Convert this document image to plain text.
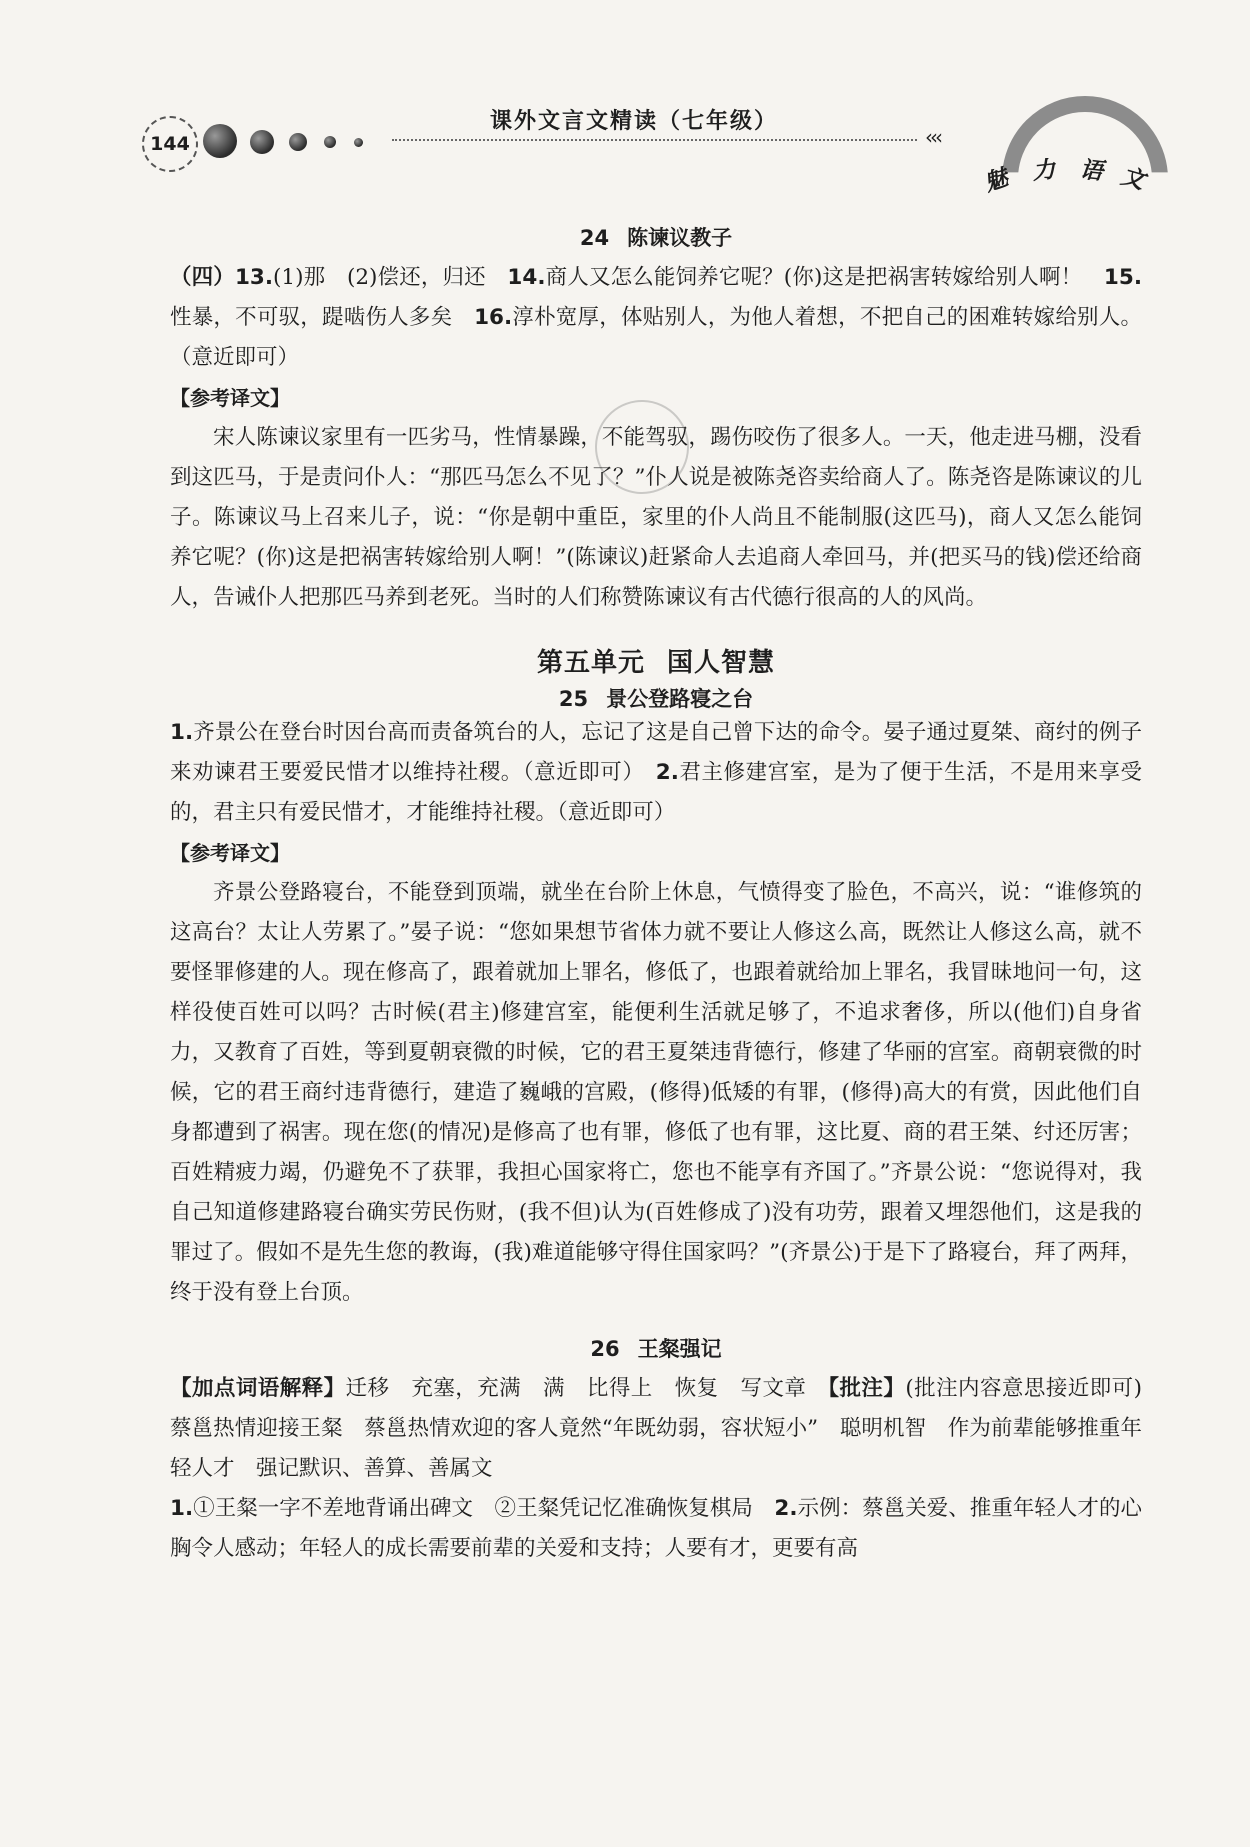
144
课外文言文精读（七年级）
‹‹‹
魅 力 语 文
24 陈谏议教子
（四）13.(1)那　(2)偿还，归还　14.商人又怎么能饲养它呢？(你)这是把祸害转嫁给别人啊！　15.性暴，不可驭，踶啮伤人多矣　16.淳朴宽厚，体贴别人，为他人着想，不把自己的困难转嫁给别人。（意近即可）
【参考译文】
宋人陈谏议家里有一匹劣马，性情暴躁，不能驾驭，踢伤咬伤了很多人。一天，他走进马棚，没看到这匹马，于是责问仆人：“那匹马怎么不见了？”仆人说是被陈尧咨卖给商人了。陈尧咨是陈谏议的儿子。陈谏议马上召来儿子，说：“你是朝中重臣，家里的仆人尚且不能制服(这匹马)，商人又怎么能饲养它呢？(你)这是把祸害转嫁给别人啊！”(陈谏议)赶紧命人去追商人牵回马，并(把买马的钱)偿还给商人，告诫仆人把那匹马养到老死。当时的人们称赞陈谏议有古代德行很高的人的风尚。
第五单元 国人智慧
25 景公登路寝之台
1.齐景公在登台时因台高而责备筑台的人，忘记了这是自己曾下达的命令。晏子通过夏桀、商纣的例子来劝谏君王要爱民惜才以维持社稷。（意近即可）　2.君主修建宫室，是为了便于生活，不是用来享受的，君主只有爱民惜才，才能维持社稷。（意近即可）
【参考译文】
齐景公登路寝台，不能登到顶端，就坐在台阶上休息，气愤得变了脸色，不高兴，说：“谁修筑的这高台？太让人劳累了。”晏子说：“您如果想节省体力就不要让人修这么高，既然让人修这么高，就不要怪罪修建的人。现在修高了，跟着就加上罪名，修低了，也跟着就给加上罪名，我冒昧地问一句，这样役使百姓可以吗？古时候(君主)修建宫室，能便利生活就足够了，不追求奢侈，所以(他们)自身省力，又教育了百姓，等到夏朝衰微的时候，它的君王夏桀违背德行，修建了华丽的宫室。商朝衰微的时候，它的君王商纣违背德行，建造了巍峨的宫殿，(修得)低矮的有罪，(修得)高大的有赏，因此他们自身都遭到了祸害。现在您(的情况)是修高了也有罪，修低了也有罪，这比夏、商的君王桀、纣还厉害；百姓精疲力竭，仍避免不了获罪，我担心国家将亡，您也不能享有齐国了。”齐景公说：“您说得对，我自己知道修建路寝台确实劳民伤财，(我不但)认为(百姓修成了)没有功劳，跟着又埋怨他们，这是我的罪过了。假如不是先生您的教诲，(我)难道能够守得住国家吗？”(齐景公)于是下了路寝台，拜了两拜，终于没有登上台顶。
26 王粲强记
【加点词语解释】迁移　充塞，充满　满　比得上　恢复　写文章　【批注】(批注内容意思接近即可)蔡邕热情迎接王粲　蔡邕热情欢迎的客人竟然“年既幼弱，容状短小”　聪明机智　作为前辈能够推重年轻人才　强记默识、善算、善属文
1.①王粲一字不差地背诵出碑文　②王粲凭记忆准确恢复棋局　2.示例：蔡邕关爱、推重年轻人才的心胸令人感动；年轻人的成长需要前辈的关爱和支持；人要有才，更要有高
